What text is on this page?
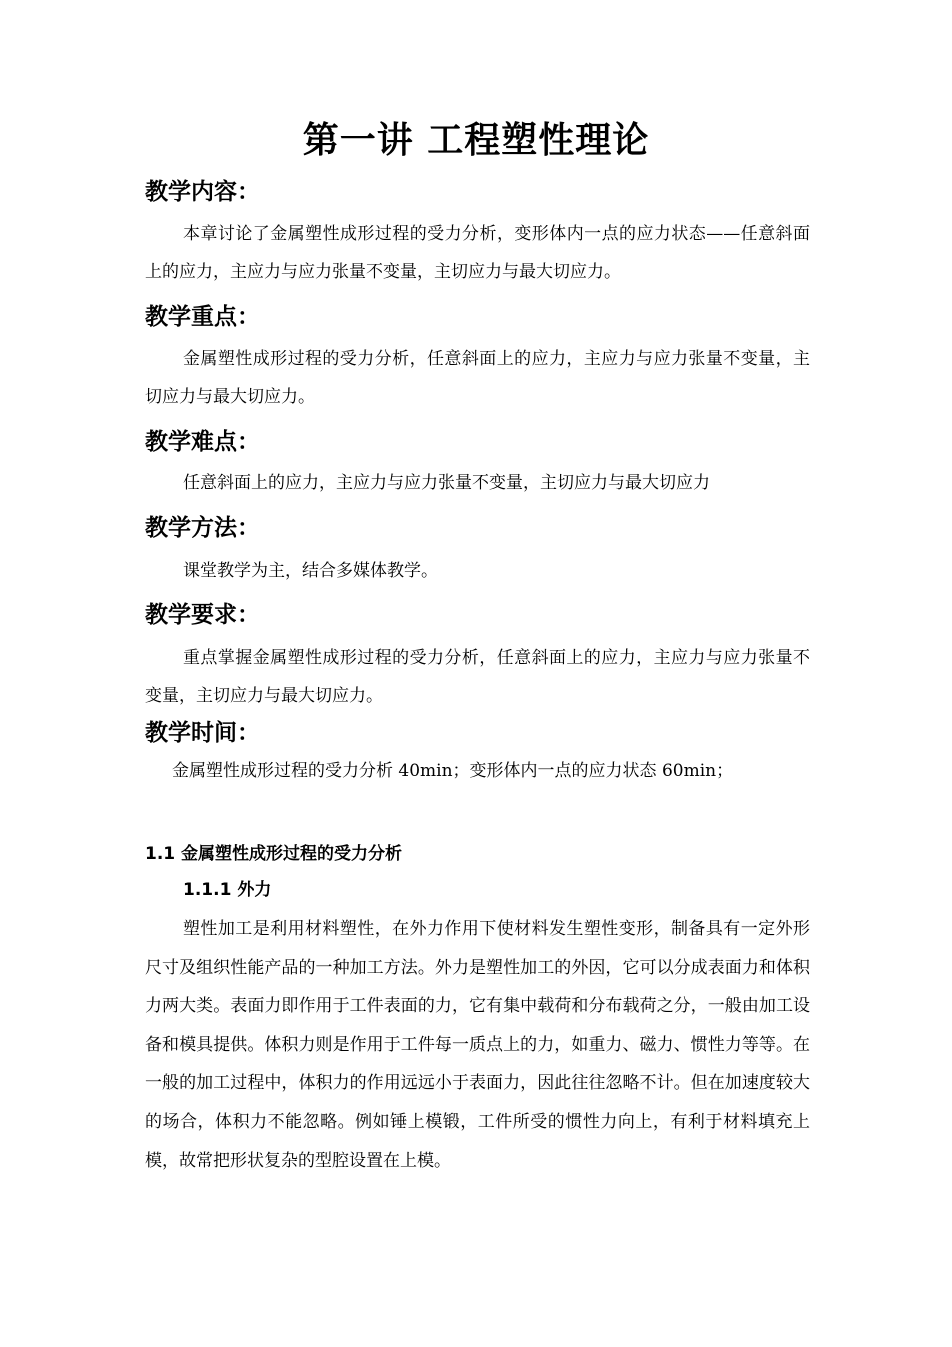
第一讲 工程塑性理论
教学内容：

本章讨论了金属塑性成形过程的受力分析，变形体内一点的应力状态——任意斜面上的应力，主应力与应力张量不变量，主切应力与最大切应力。

教学重点：

金属塑性成形过程的受力分析，任意斜面上的应力，主应力与应力张量不变量，主切应力与最大切应力。

教学难点：

任意斜面上的应力，主应力与应力张量不变量，主切应力与最大切应力

教学方法：

课堂教学为主，结合多媒体教学。

教学要求：

重点掌握金属塑性成形过程的受力分析，任意斜面上的应力，主应力与应力张量不变量，主切应力与最大切应力。

教学时间：
金属塑性成形过程的受力分析 40min；变形体内一点的应力状态 60min；
1.1 金属塑性成形过程的受力分析
1.1.1 外力

塑性加工是利用材料塑性，在外力作用下使材料发生塑性变形，制备具有一定外形尺寸及组织性能产品的一种加工方法。外力是塑性加工的外因，它可以分成表面力和体积力两大类。表面力即作用于工件表面的力，它有集中载荷和分布载荷之分，一般由加工设备和模具提供。体积力则是作用于工件每一质点上的力，如重力、磁力、惯性力等等。在一般的加工过程中，体积力的作用远远小于表面力，因此往往忽略不计。但在加速度较大的场合，体积力不能忽略。例如锤上模锻，工件所受的惯性力向上，有利于材料填充上模，故常把形状复杂的型腔设置在上模。
